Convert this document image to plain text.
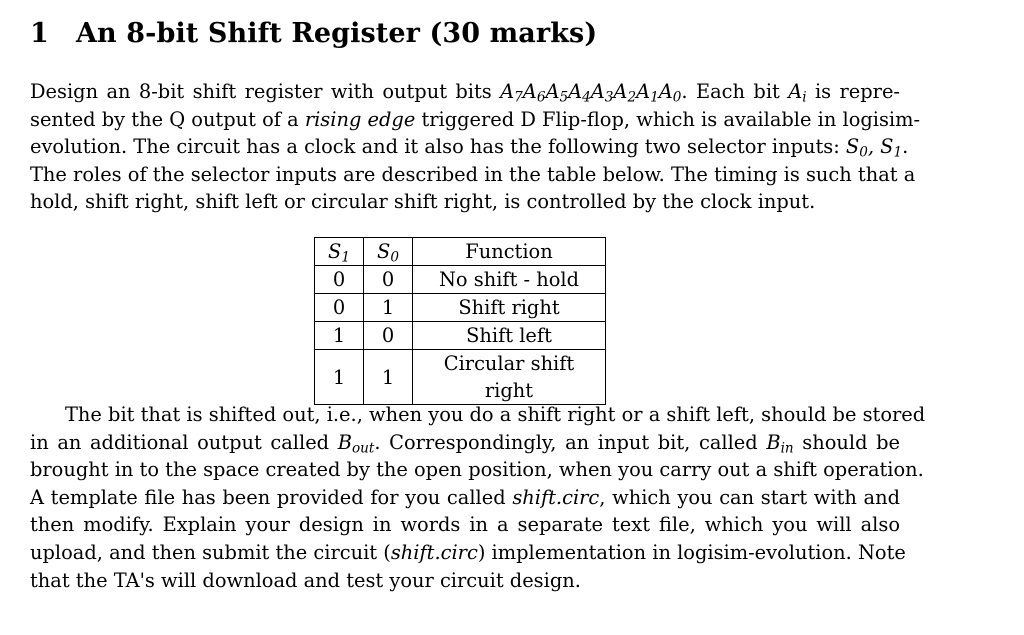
1 An 8-bit Shift Register (30 marks)
Design an 8-bit shift register with output bits $A_7A_6A_5A_4A_3A_2A_1A_0$. Each bit $A_i$ is repre-
sented by the Q output of a rising edge triggered D Flip-flop, which is available in logisim-
evolution. The circuit has a clock and it also has the following two selector inputs: $S_0$, $S_1$.
The roles of the selector inputs are described in the table below. The timing is such that a
hold, shift right, shift left or circular shift right, is controlled by the clock input.
$S_1$	$S_0$	Function
0	0	No shift - hold
0	1	Shift right
1	0	Shift left
1	1	Circular shift right
The bit that is shifted out, i.e., when you do a shift right or a shift left, should be stored
in an additional output called $B_{out}$. Correspondingly, an input bit, called $B_{in}$ should be
brought in to the space created by the open position, when you carry out a shift operation.
A template file has been provided for you called shift.circ, which you can start with and
then modify. Explain your design in words in a separate text file, which you will also
upload, and then submit the circuit (shift.circ) implementation in logisim-evolution. Note
that the TA's will download and test your circuit design.
